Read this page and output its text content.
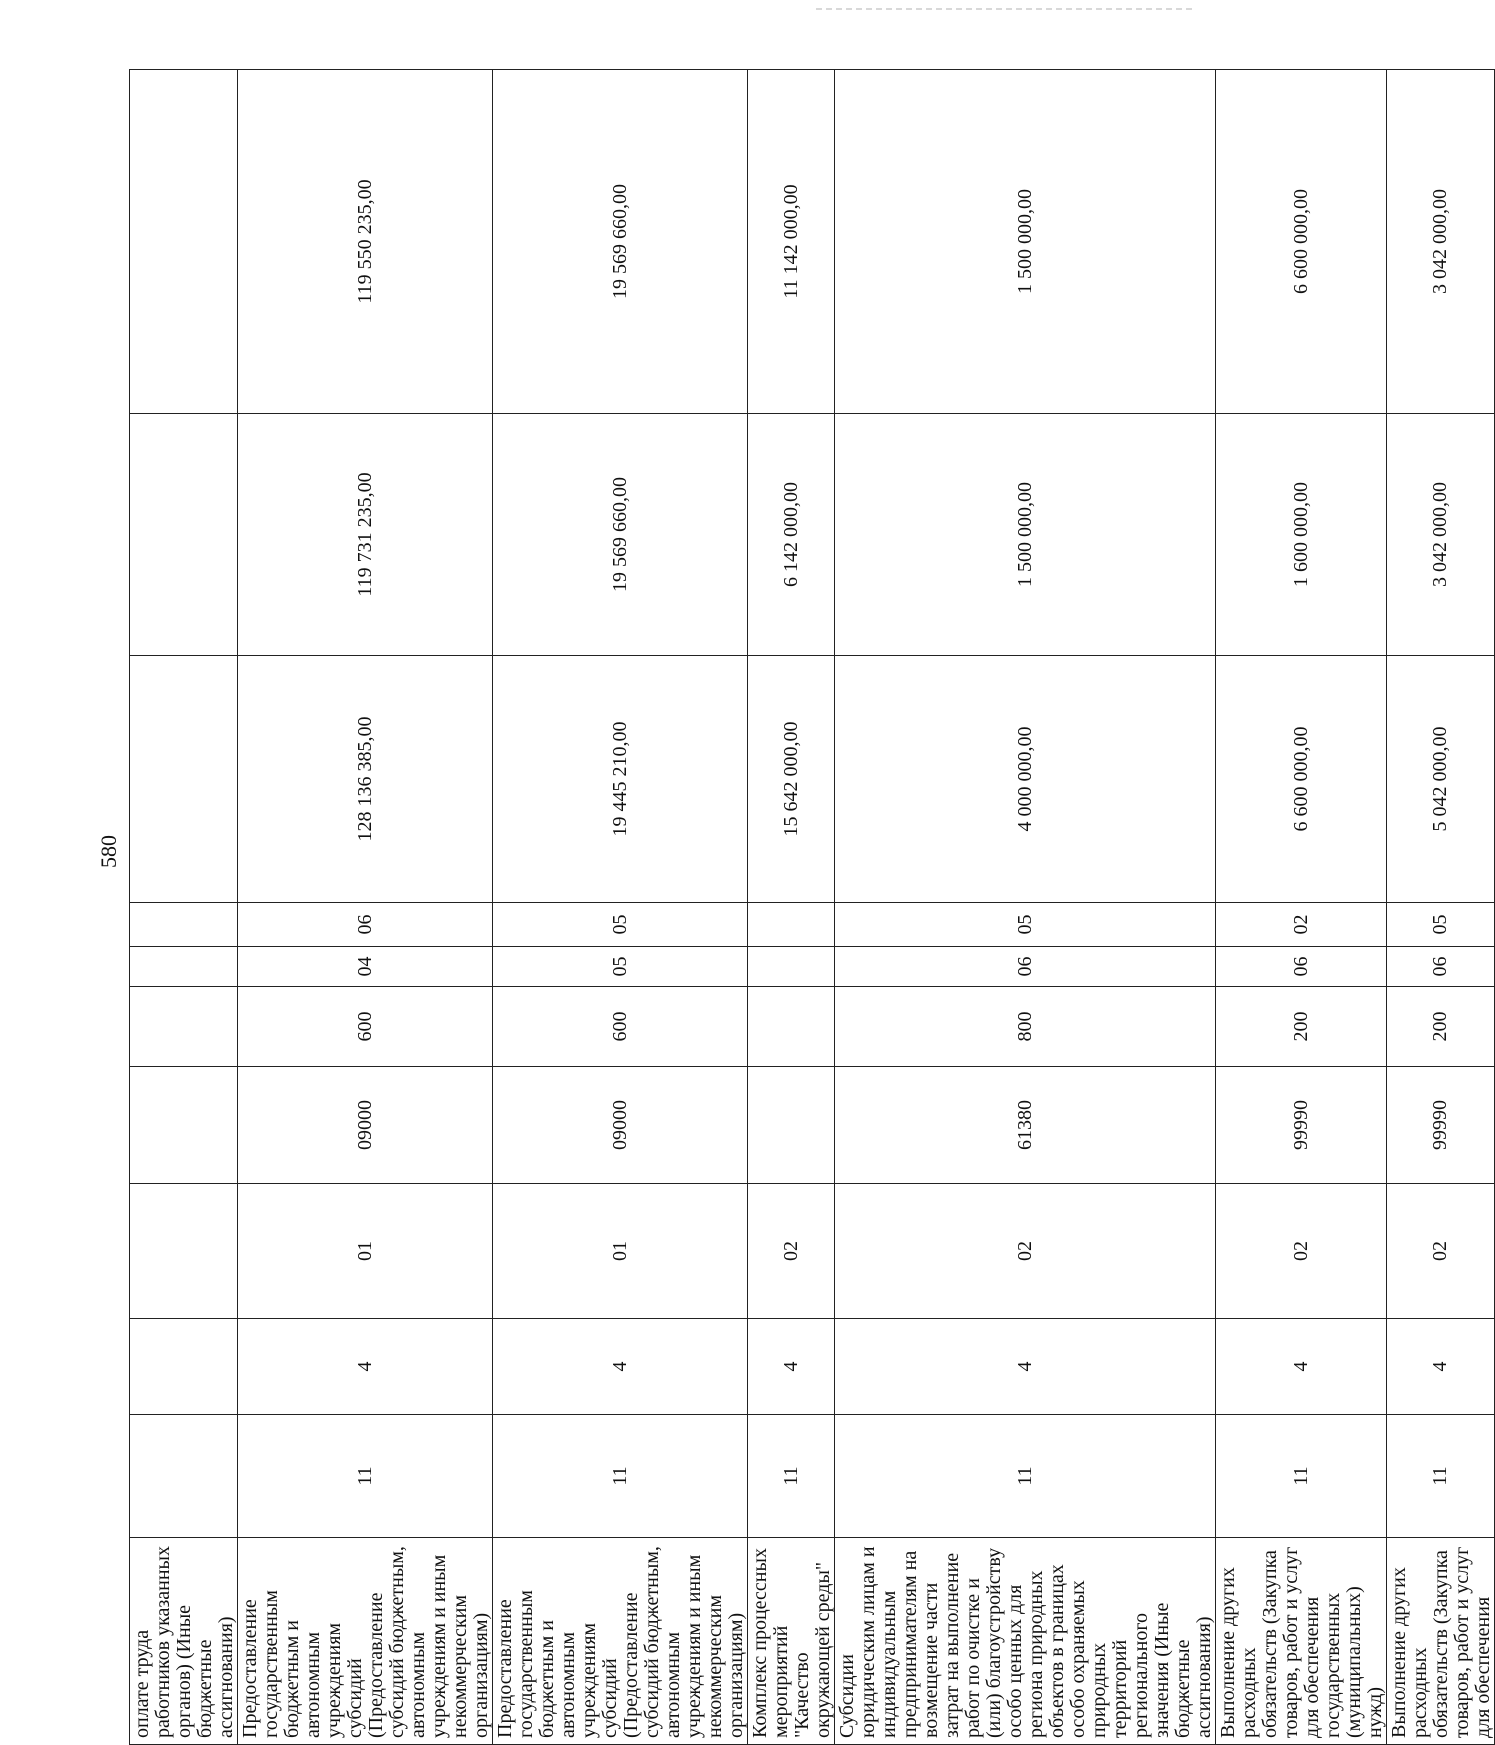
580
оплате труда работников указанных органов) (Иные бюджетные ассигнования)										
Предоставление государственным бюджетным и автономным учреждениям субсидий (Предоставление субсидий бюджетным, автономным учреждениям и иным некоммерческим организациям)	11	4	01	09000	600	04	06	128 136 385,00	119 731 235,00	119 550 235,00
Предоставление государственным бюджетным и автономным учреждениям субсидий (Предоставление субсидий бюджетным, автономным учреждениям и иным некоммерческим организациям)	11	4	01	09000	600	05	05	19 445 210,00	19 569 660,00	19 569 660,00
Комплекс процессных мероприятий "Качество окружающей среды"	11	4	02					15 642 000,00	6 142 000,00	11 142 000,00
Субсидии юридическим лицам и индивидуальным предпринимателям на возмещение части затрат на выполнение работ по очистке и (или) благоустройству особо ценных для региона природных объектов в границах особо охраняемых природных территорий регионального значения (Иные бюджетные ассигнования)	11	4	02	61380	800	06	05	4 000 000,00	1 500 000,00	1 500 000,00
Выполнение других расходных обязательств (Закупка товаров, работ и услуг для обеспечения государственных (муниципальных) нужд)	11	4	02	99990	200	06	02	6 600 000,00	1 600 000,00	6 600 000,00
Выполнение других расходных обязательств (Закупка товаров, работ и услуг для обеспечения	11	4	02	99990	200	06	05	5 042 000,00	3 042 000,00	3 042 000,00
